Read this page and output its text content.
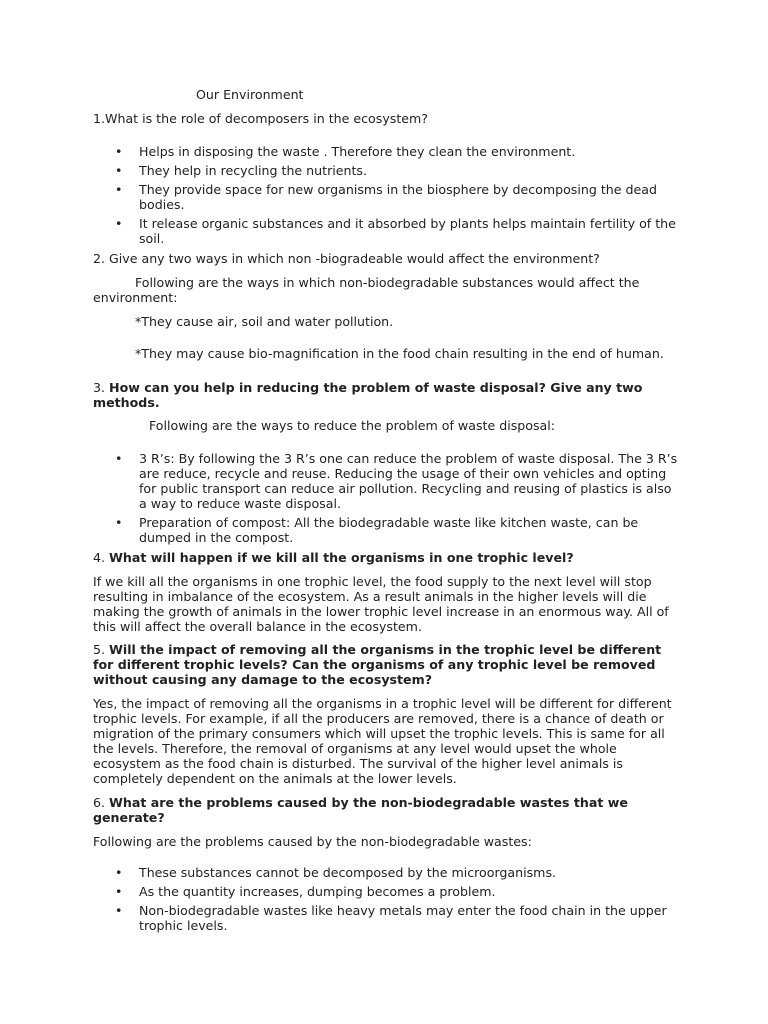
Our Environment

1.What is the role of decomposers in the ecosystem?

• Helps in disposing the waste . Therefore they clean the environment.
• They help in recycling the nutrients.
• They provide space for new organisms in the biosphere by decomposing the dead bodies.
• It release organic substances and it absorbed by plants helps maintain fertility of the soil.

2. Give any two ways in which non -biogradeable would affect the environment?

Following are the ways in which non-biodegradable substances would affect the environment:

*They cause air, soil and water pollution.

*They may cause bio-magnification in the food chain resulting in the end of human.

3. How can you help in reducing the problem of waste disposal? Give any two methods.

Following are the ways to reduce the problem of waste disposal:

• 3 R’s: By following the 3 R’s one can reduce the problem of waste disposal. The 3 R’s are reduce, recycle and reuse. Reducing the usage of their own vehicles and opting for public transport can reduce air pollution. Recycling and reusing of plastics is also a way to reduce waste disposal.
• Preparation of compost: All the biodegradable waste like kitchen waste, can be dumped in the compost.

4. What will happen if we kill all the organisms in one trophic level?

If we kill all the organisms in one trophic level, the food supply to the next level will stop resulting in imbalance of the ecosystem. As a result animals in the higher levels will die making the growth of animals in the lower trophic level increase in an enormous way. All of this will affect the overall balance in the ecosystem.

5. Will the impact of removing all the organisms in the trophic level be different for different trophic levels? Can the organisms of any trophic level be removed without causing any damage to the ecosystem?

Yes, the impact of removing all the organisms in a trophic level will be different for different trophic levels. For example, if all the producers are removed, there is a chance of death or migration of the primary consumers which will upset the trophic levels. This is same for all the levels. Therefore, the removal of organisms at any level would upset the whole ecosystem as the food chain is disturbed. The survival of the higher level animals is completely dependent on the animals at the lower levels.

6. What are the problems caused by the non-biodegradable wastes that we generate?

Following are the problems caused by the non-biodegradable wastes:

• These substances cannot be decomposed by the microorganisms.
• As the quantity increases, dumping becomes a problem.
• Non-biodegradable wastes like heavy metals may enter the food chain in the upper trophic levels.
